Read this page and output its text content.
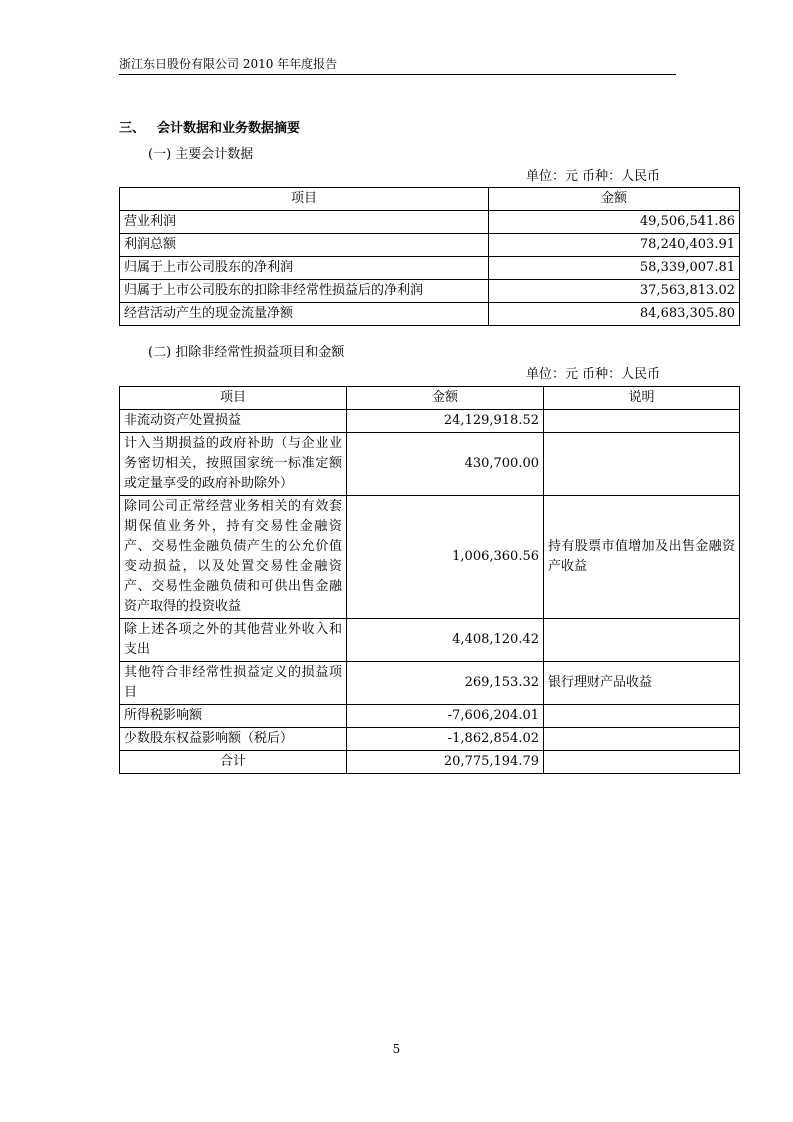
浙江东日股份有限公司 2010 年年度报告
三、 会计数据和业务数据摘要
(一) 主要会计数据
单位：元 币种：人民币
项目	金额
营业利润	49,506,541.86
利润总额	78,240,403.91
归属于上市公司股东的净利润	58,339,007.81
归属于上市公司股东的扣除非经常性损益后的净利润	37,563,813.02
经营活动产生的现金流量净额	84,683,305.80
(二) 扣除非经常性损益项目和金额
单位：元 币种：人民币
项目	金额	说明
非流动资产处置损益	24,129,918.52	
计入当期损益的政府补助（与企业业务密切相关，按照国家统一标准定额或定量享受的政府补助除外）	430,700.00	
除同公司正常经营业务相关的有效套期保值业务外，持有交易性金融资产、交易性金融负债产生的公允价值变动损益，以及处置交易性金融资产、交易性金融负债和可供出售金融资产取得的投资收益	1,006,360.56	持有股票市值增加及出售金融资产收益
除上述各项之外的其他营业外收入和支出	4,408,120.42	
其他符合非经常性损益定义的损益项目	269,153.32	银行理财产品收益
所得税影响额	-7,606,204.01	
少数股东权益影响额（税后）	-1,862,854.02	
合计	20,775,194.79	
5
